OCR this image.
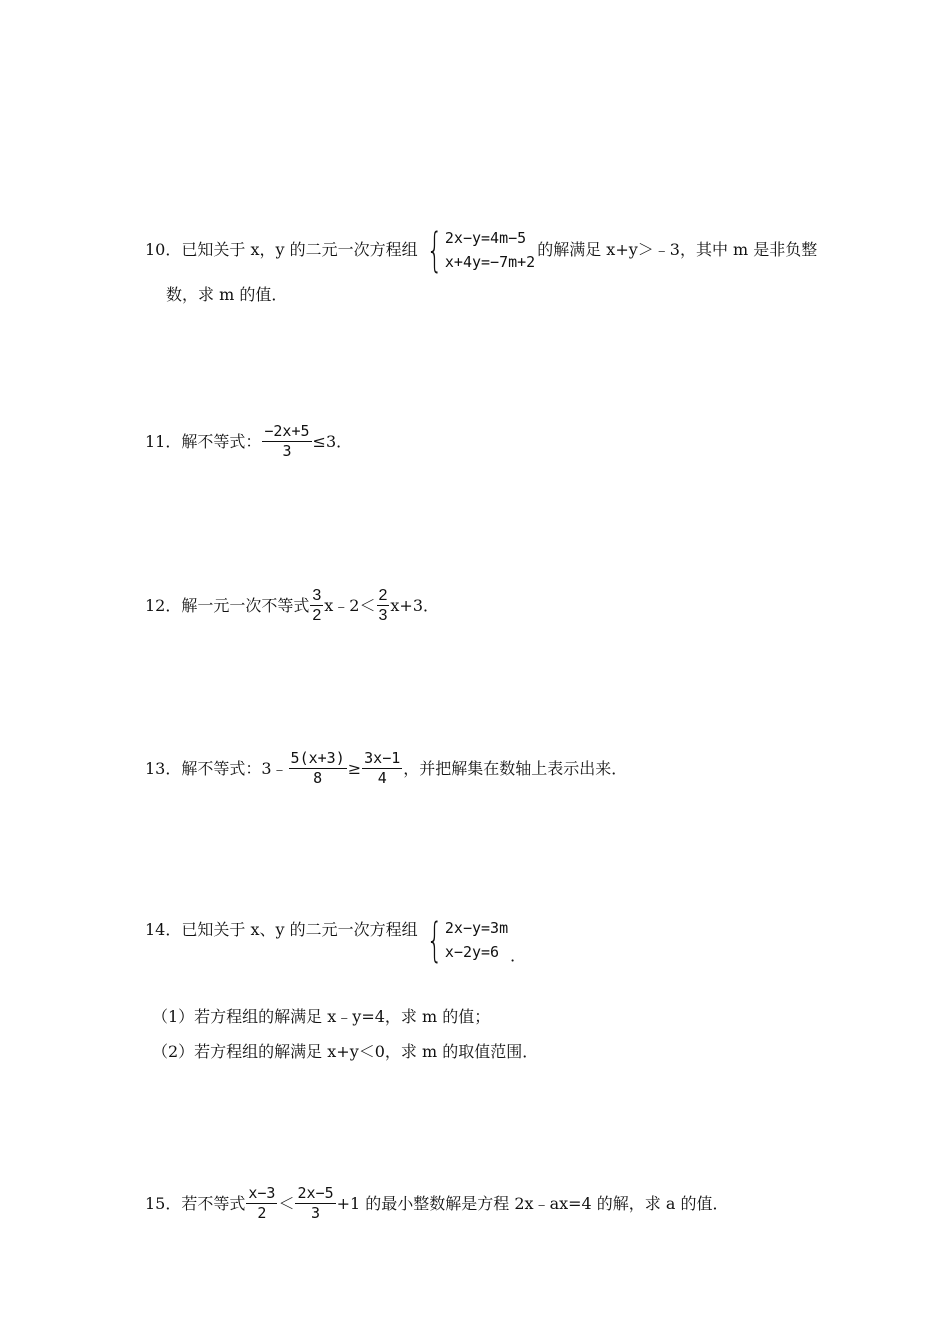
10．已知关于 x，y 的二元一次方程组 { 2x−y=4m−5
x+4y=−7m+2
的解满足 x+y＞﹣3，其中 m 是非负整
数，求 m 的值．
11．解不等式： $\frac{-2x+5}{3} \le 3$．
12．解一元一次不等式 $\frac{3}{2}$ x﹣2＜ $\frac{2}{3} x+3$．
13．解不等式：3﹣ $\frac{5(x+3)}{8} \ge \frac{3x-1}{4}$ ，并把解集在数轴上表示出来．
14．已知关于 x、y 的二元一次方程组 { 2x−y=3m
x−2y=6 ．
（1）若方程组的解满足 x﹣y=4，求 m 的值；
（2）若方程组的解满足 x+y＜0，求 m 的取值范围．
15．若不等式 $\frac{x-3}{2} < \frac{2x-5}{3} +1$ 的最小整数解是方程 2x﹣ax=4 的解，求 a 的值．
